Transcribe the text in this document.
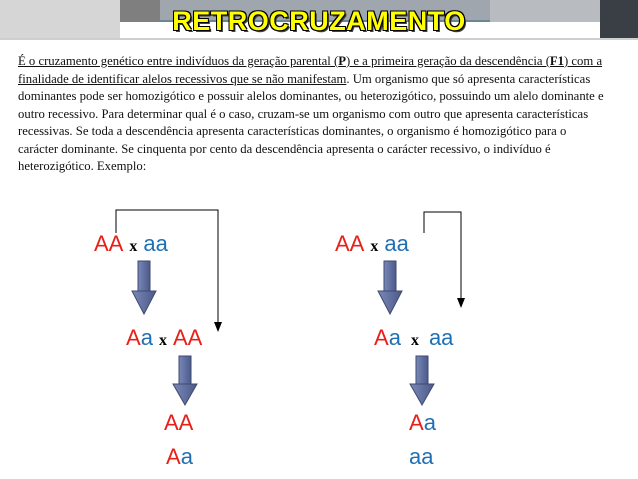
RETROCRUZAMENTO
É o cruzamento genético entre indivíduos da geração parental (P) e a primeira geração da descendência (F1) com a finalidade de identificar alelos recessivos que se não manifestam. Um organismo que só apresenta características dominantes pode ser homozigótico e possuir alelos dominantes, ou heterozigótico, possuindo um alelo dominante e outro recessivo. Para determinar qual é o caso, cruzam-se um organismo com outro que apresenta características recessivas. Se toda a descendência apresenta características dominantes, o organismo é homozigótico para o carácter dominante. Se cinquenta por cento da descendência apresenta o carácter recessivo, o indivíduo é heterozigótico. Exemplo:
AA x aa
Aa x AA
AA
Aa
AA x aa
Aa x aa
Aa
aa
